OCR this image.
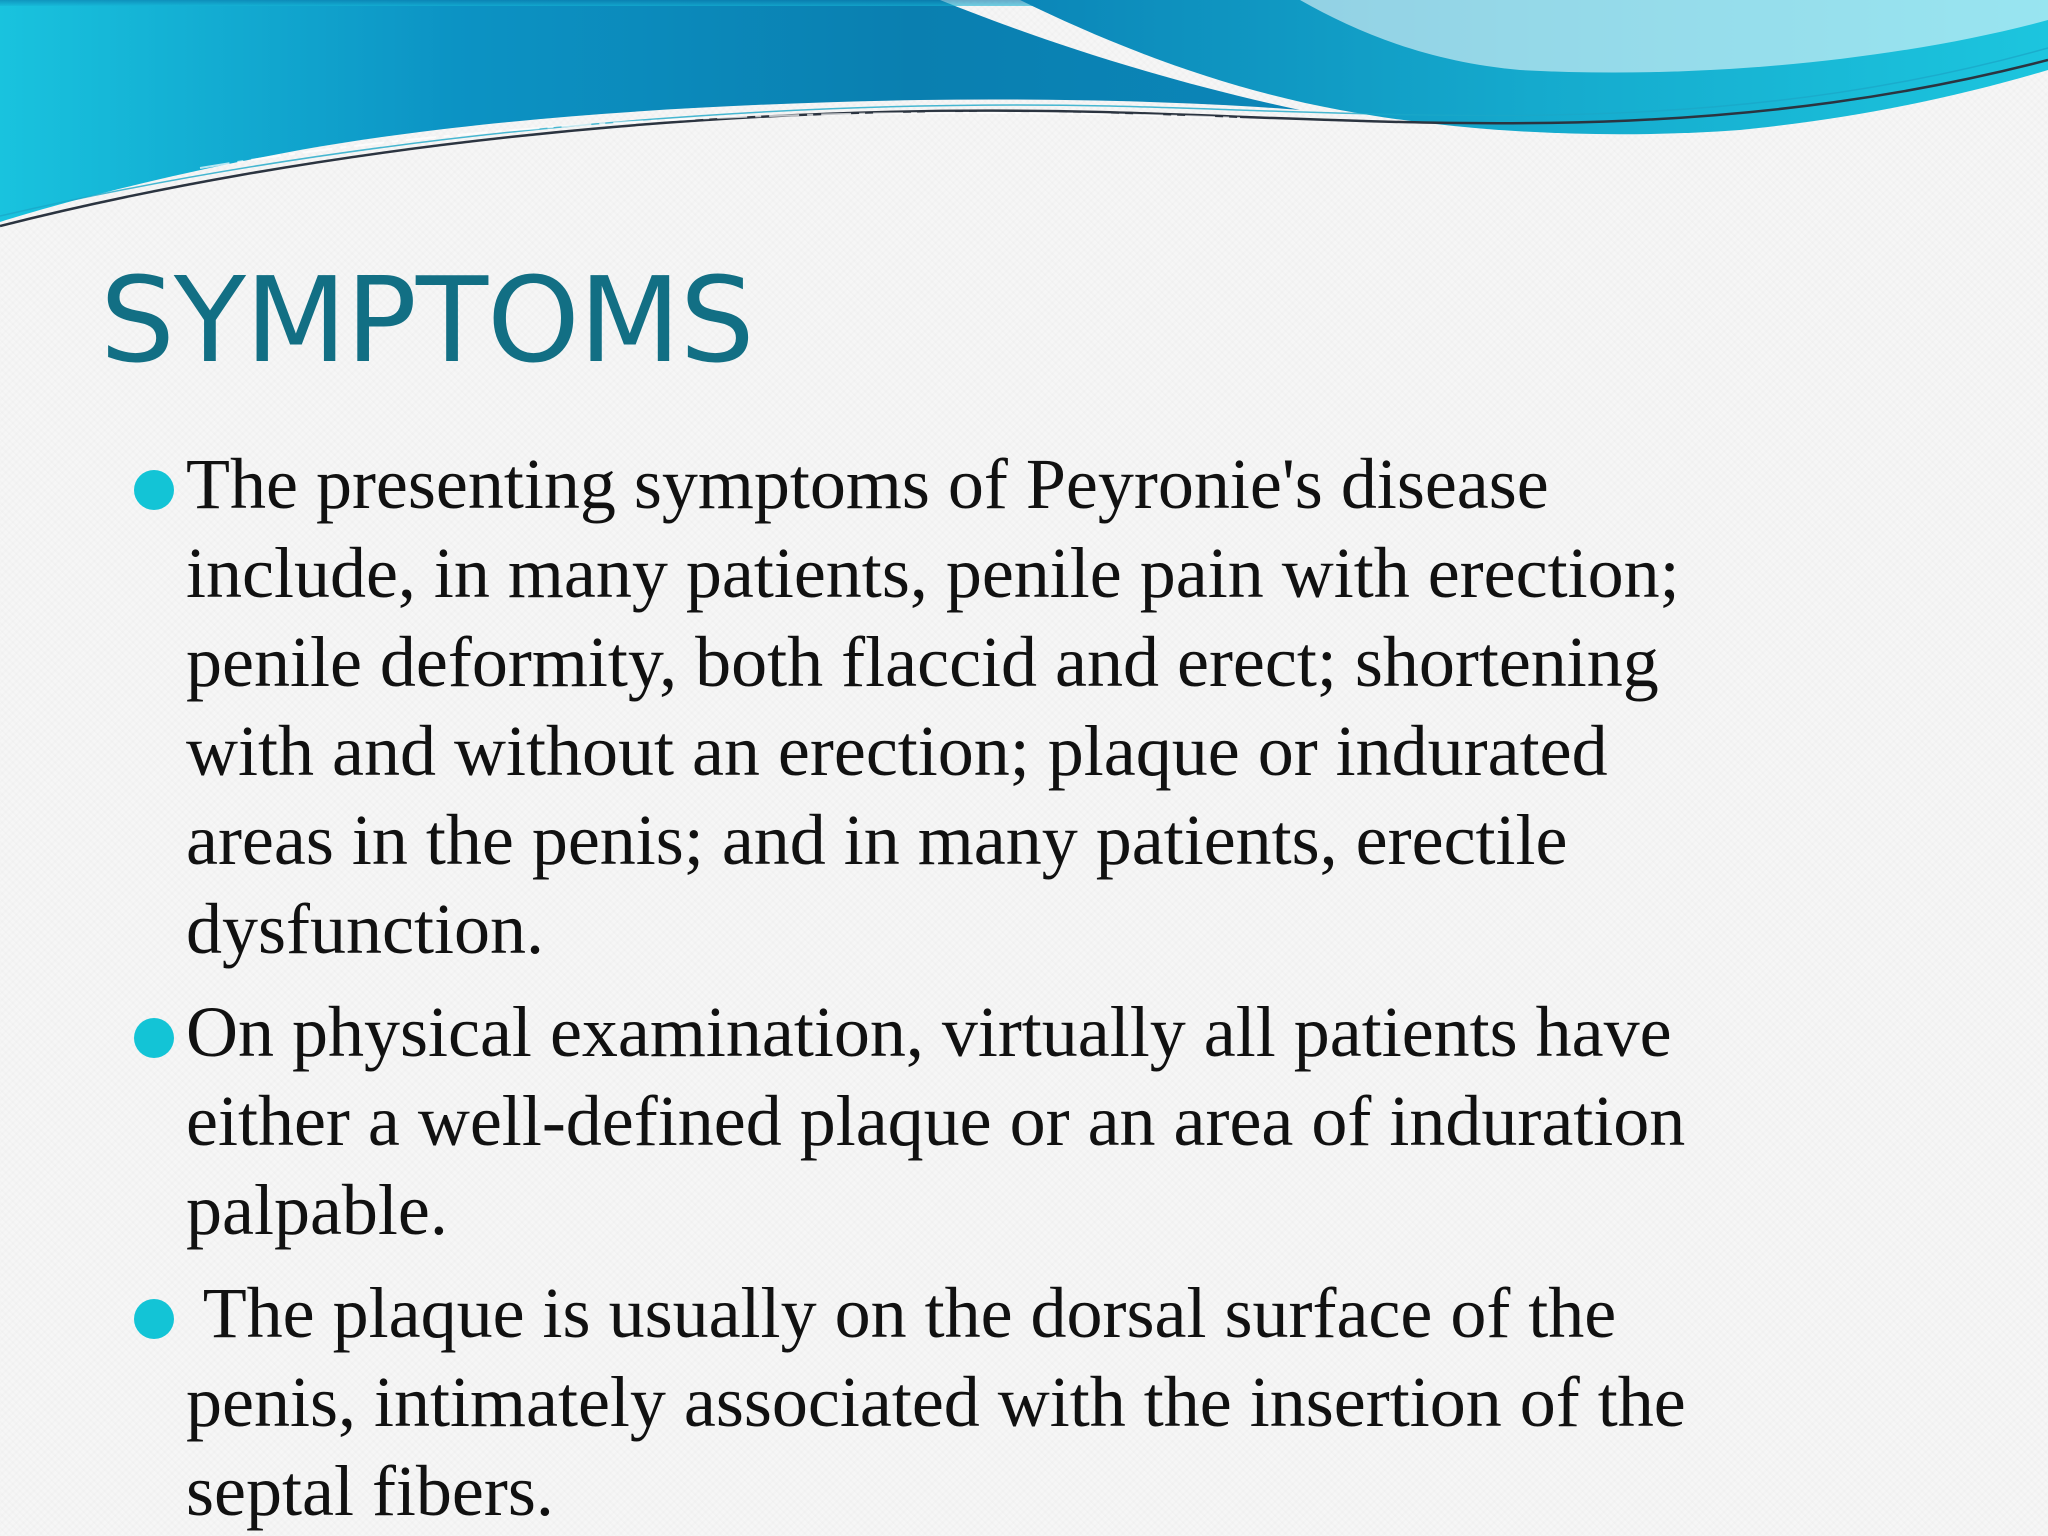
SYMPTOMS
The presenting symptoms of Peyronie's disease
include, in many patients, penile pain with erection;
penile deformity, both flaccid and erect; shortening
with and without an erection; plaque or indurated
areas in the penis; and in many patients, erectile
dysfunction.
On physical examination, virtually all patients have
either a well-defined plaque or an area of induration
palpable.
The plaque is usually on the dorsal surface of the
penis, intimately associated with the insertion of the
septal fibers.
